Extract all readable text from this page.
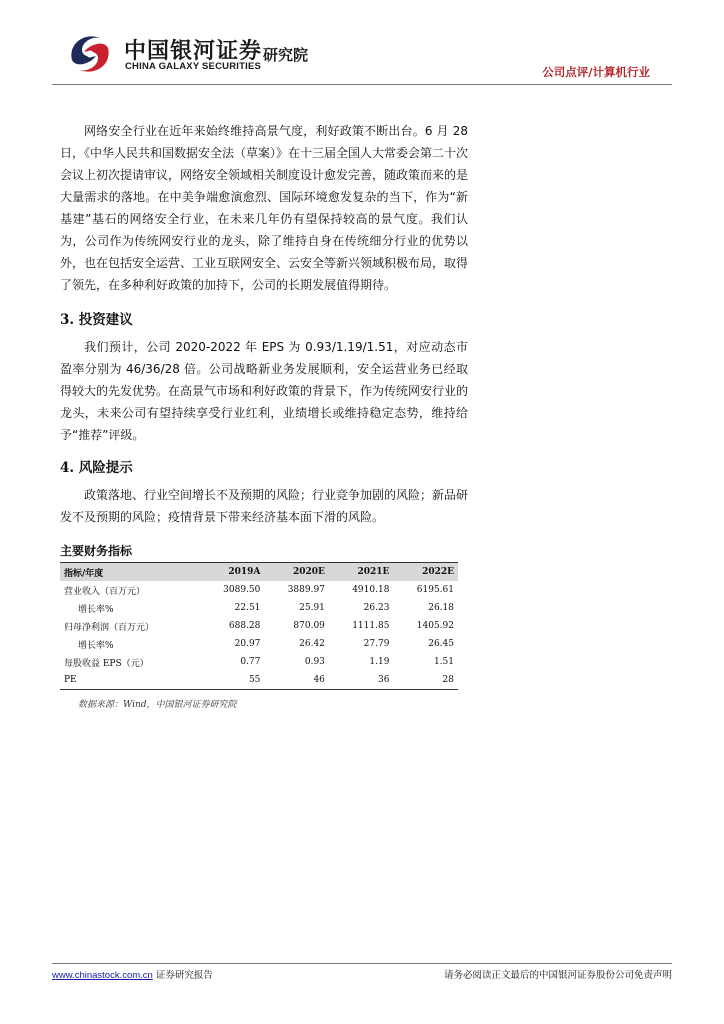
中国银河证券 研究院
CHINA GALAXY SECURITIES	公司点评/计算机行业

网络安全行业在近年来始终维持高景气度，利好政策不断出台。6 月 28 日，《中华人民共和国数据安全法（草案）》在十三届全国人大常委会第二十次会议上初次提请审议，网络安全领域相关制度设计愈发完善，随政策而来的是大量需求的落地。在中美争端愈演愈烈、国际环境愈发复杂的当下，作为“新基建”基石的网络安全行业，在未来几年仍有望保持较高的景气度。我们认为，公司作为传统网安行业的龙头，除了维持自身在传统细分行业的优势以外，也在包括安全运营、工业互联网安全、云安全等新兴领域积极布局，取得了领先，在多种利好政策的加持下，公司的长期发展值得期待。

3. 投资建议

我们预计，公司 2020-2022 年 EPS 为 0.93/1.19/1.51，对应动态市盈率分别为 46/36/28 倍。公司战略新业务发展顺利，安全运营业务已经取得较大的先发优势。在高景气市场和利好政策的背景下，作为传统网安行业的龙头，未来公司有望持续享受行业红利，业绩增长或维持稳定态势，维持给予“推荐”评级。

4. 风险提示

政策落地、行业空间增长不及预期的风险；行业竞争加剧的风险；新品研发不及预期的风险；疫情背景下带来经济基本面下滑的风险。

主要财务指标
指标/年度	2019A	2020E	2021E	2022E
营业收入（百万元）	3089.50	3889.97	4910.18	6195.61
增长率%	22.51	25.91	26.23	26.18
归母净利润（百万元）	688.28	870.09	1111.85	1405.92
增长率%	20.97	26.42	27.79	26.45
每股收益 EPS（元）	0.77	0.93	1.19	1.51
PE	55	46	36	28
数据来源：Wind，中国银河证券研究院
www.chinastock.com.cn 证券研究报告	请务必阅读正文最后的中国银河证券股份公司免责声明
